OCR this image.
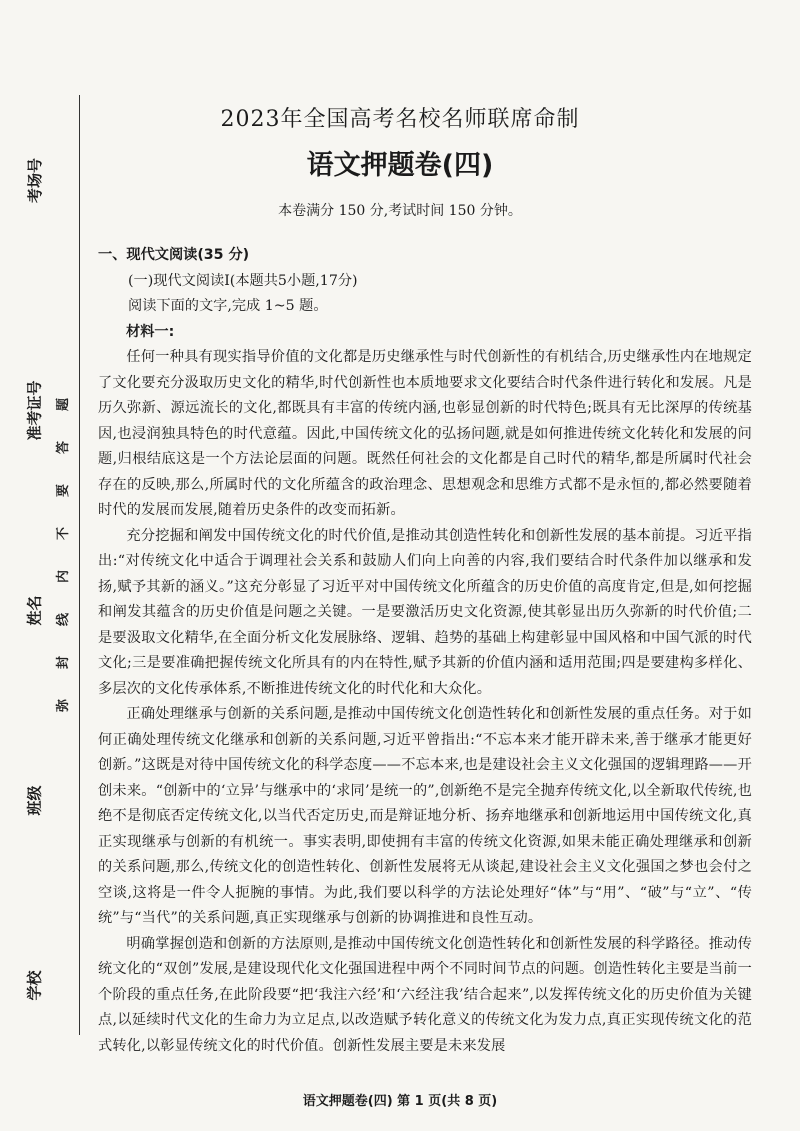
考场号
准考证号
姓名
班级
学校
题
答
要
不
内
线
封
弥
2023年全国高考名校名师联席命制
语文押题卷(四)
本卷满分 150 分,考试时间 150 分钟。

一、现代文阅读(35 分)

(一)现代文阅读Ⅰ(本题共5小题,17分)

阅读下面的文字,完成 1~5 题。

材料一:

任何一种具有现实指导价值的文化都是历史继承性与时代创新性的有机结合,历史继承性内在地规定了文化要充分汲取历史文化的精华,时代创新性也本质地要求文化要结合时代条件进行转化和发展。凡是历久弥新、源远流长的文化,都既具有丰富的传统内涵,也彰显创新的时代特色;既具有无比深厚的传统基因,也浸润独具特色的时代意蕴。因此,中国传统文化的弘扬问题,就是如何推进传统文化转化和发展的问题,归根结底这是一个方法论层面的问题。既然任何社会的文化都是自己时代的精华,都是所属时代社会存在的反映,那么,所属时代的文化所蕴含的政治理念、思想观念和思维方式都不是永恒的,都必然要随着时代的发展而发展,随着历史条件的改变而拓新。

充分挖掘和阐发中国传统文化的时代价值,是推动其创造性转化和创新性发展的基本前提。习近平指出:“对传统文化中适合于调理社会关系和鼓励人们向上向善的内容,我们要结合时代条件加以继承和发扬,赋予其新的涵义。”这充分彰显了习近平对中国传统文化所蕴含的历史价值的高度肯定,但是,如何挖掘和阐发其蕴含的历史价值是问题之关键。一是要激活历史文化资源,使其彰显出历久弥新的时代价值;二是要汲取文化精华,在全面分析文化发展脉络、逻辑、趋势的基础上构建彰显中国风格和中国气派的时代文化;三是要准确把握传统文化所具有的内在特性,赋予其新的价值内涵和适用范围;四是要建构多样化、多层次的文化传承体系,不断推进传统文化的时代化和大众化。

正确处理继承与创新的关系问题,是推动中国传统文化创造性转化和创新性发展的重点任务。对于如何正确处理传统文化继承和创新的关系问题,习近平曾指出:“不忘本来才能开辟未来,善于继承才能更好创新。”这既是对待中国传统文化的科学态度——不忘本来,也是建设社会主义文化强国的逻辑理路——开创未来。“创新中的‘立异’与继承中的‘求同’是统一的”,创新绝不是完全抛弃传统文化,以全新取代传统,也绝不是彻底否定传统文化,以当代否定历史,而是辩证地分析、扬弃地继承和创新地运用中国传统文化,真正实现继承与创新的有机统一。事实表明,即使拥有丰富的传统文化资源,如果未能正确处理继承和创新的关系问题,那么,传统文化的创造性转化、创新性发展将无从谈起,建设社会主义文化强国之梦也会付之空谈,这将是一件令人扼腕的事情。为此,我们要以科学的方法论处理好“体”与“用”、“破”与“立”、“传统”与“当代”的关系问题,真正实现继承与创新的协调推进和良性互动。

明确掌握创造和创新的方法原则,是推动中国传统文化创造性转化和创新性发展的科学路径。推动传统文化的“双创”发展,是建设现代化文化强国进程中两个不同时间节点的问题。创造性转化主要是当前一个阶段的重点任务,在此阶段要“把‘我注六经’和‘六经注我’结合起来”,以发挥传统文化的历史价值为关键点,以延续时代文化的生命力为立足点,以改造赋予转化意义的传统文化为发力点,真正实现传统文化的范式转化,以彰显传统文化的时代价值。创新性发展主要是未来发展

语文押题卷(四) 第 1 页(共 8 页)
